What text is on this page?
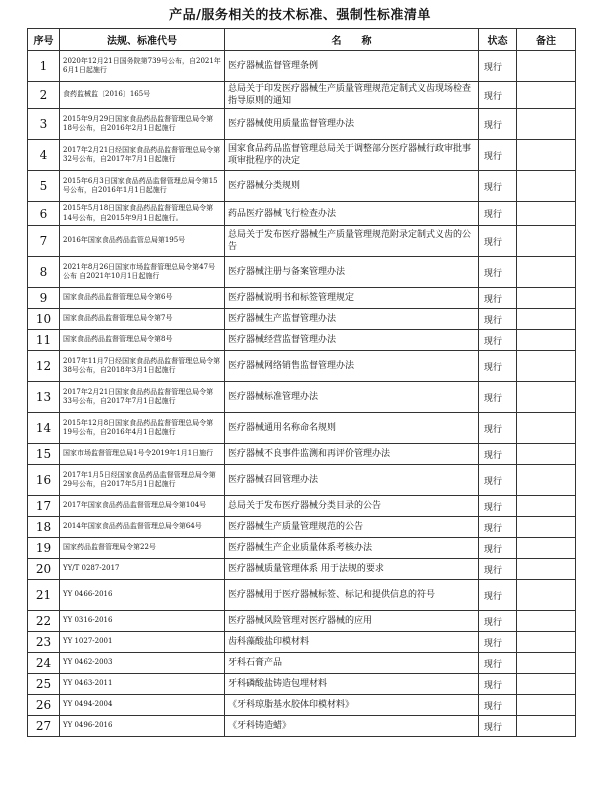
产品/服务相关的技术标准、强制性标准清单
序号	法规、标准代号	名　　称	状态	备注
1	2020年12月21日国务院第739号公布，自2021年6月1日起施行	医疗器械监督管理条例	现行	
2	食药监械监〔2016〕165号	总局关于印发医疗器械生产质量管理规范定制式义齿现场检查指导原则的通知	现行	
3	2015年9月29日国家食品药品监督管理总局令第18号公布，自2016年2月1日起施行	医疗器械使用质量监督管理办法	现行	
4	2017年2月21日经国家食品药品监督管理总局令第32号公布，自2017年7月1日起施行	国家食品药品监督管理总局关于调整部分医疗器械行政审批事项审批程序的决定	现行	
5	2015年6月3日国家食品药品监督管理总局令第15号公布，自2016年1月1日起施行	医疗器械分类规则	现行	
6	2015年5月18日国家食品药品监督管理总局令第14号公布，自2015年9月1日起施行。	药品医疗器械飞行检查办法	现行	
7	2016年国家食品药品监管总局第195号	总局关于发布医疗器械生产质量管理规范附录定制式义齿的公告	现行	
8	2021年8月26日国家市场监督管理总局令第47号公布 自2021年10月1日起施行	医疗器械注册与备案管理办法	现行	
9	国家食品药品监督管理总局令第6号	医疗器械说明书和标签管理规定	现行	
10	国家食品药品监督管理总局令第7号	医疗器械生产监督管理办法	现行	
11	国家食品药品监督管理总局令第8号	医疗器械经营监督管理办法	现行	
12	2017年11月7日经国家食品药品监督管理总局令第38号公布，自2018年3月1日起施行	医疗器械网络销售监督管理办法	现行	
13	2017年2月21日国家食品药品监督管理总局令第33号公布，自2017年7月1日起施行	医疗器械标准管理办法	现行	
14	2015年12月8日国家食品药品监督管理总局令第19号公布，自2016年4月1日起施行	医疗器械通用名称命名规则	现行	
15	国家市场监督管理总局1号令2019年1月1日施行	医疗器械不良事件监测和再评价管理办法	现行	
16	2017年1月5日经国家食品药品监督管理总局令第29号公布，自2017年5月1日起施行	医疗器械召回管理办法	现行	
17	2017年国家食品药品监督管理总局令第104号	总局关于发布医疗器械分类目录的公告	现行	
18	2014年国家食品药品监督管理总局令第64号	医疗器械生产质量管理规范的公告	现行	
19	国家药品监督管理局令第22号	医疗器械生产企业质量体系考核办法	现行	
20	YY/T 0287-2017	医疗器械质量管理体系 用于法规的要求	现行	
21	YY 0466-2016	医疗器械用于医疗器械标签、标记和提供信息的符号	现行	
22	YY 0316-2016	医疗器械风险管理对医疗器械的应用	现行	
23	YY 1027-2001	齿科藻酸盐印模材料	现行	
24	YY 0462-2003	牙科石膏产品	现行	
25	YY 0463-2011	牙科磷酸盐铸造包埋材料	现行	
26	YY 0494-2004	《牙科琼脂基水胶体印模材料》	现行	
27	YY 0496-2016	《牙科铸造蜡》	现行	
